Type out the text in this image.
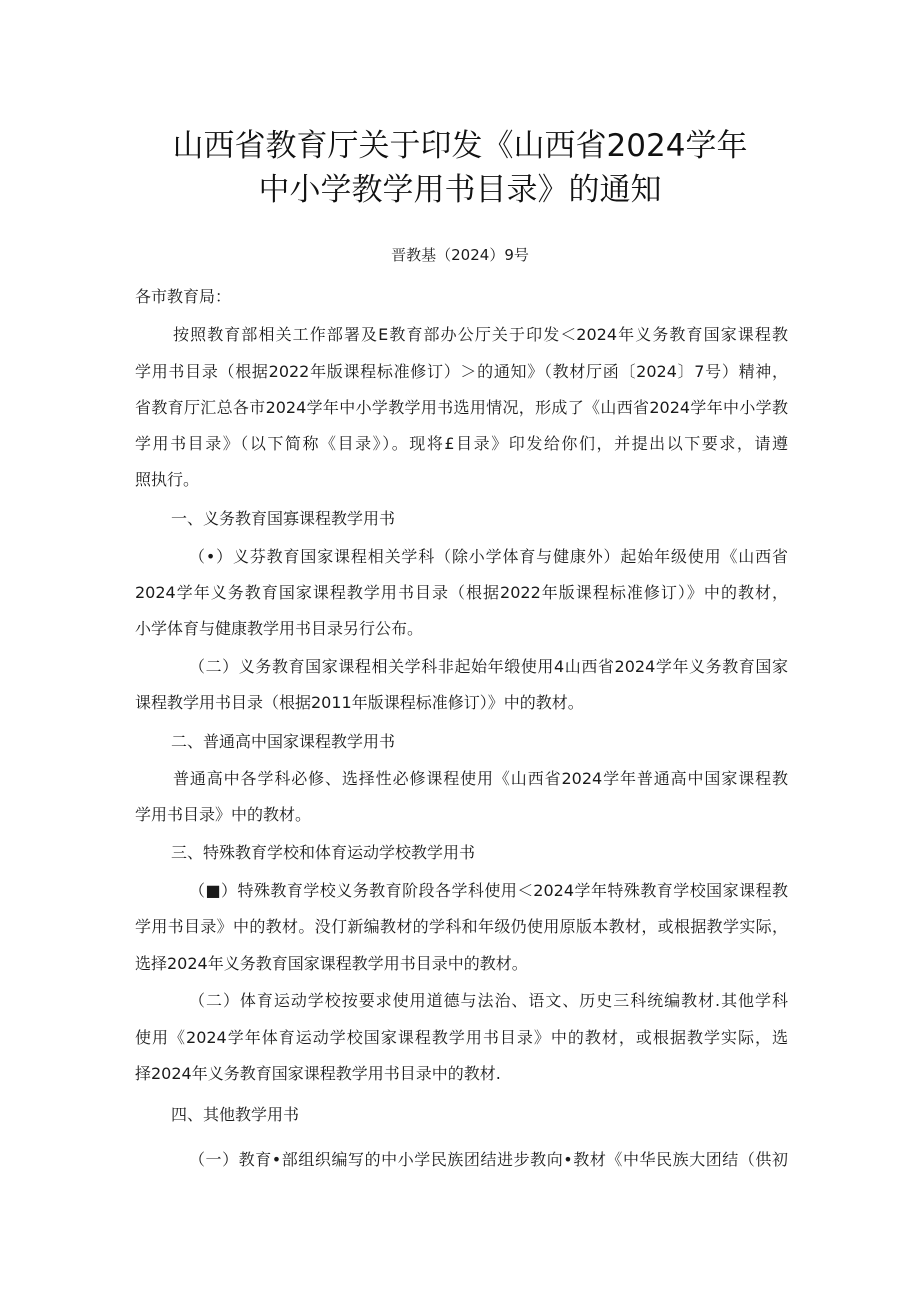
山西省教育厅关于印发《山西省2024学年
中小学教学用书目录》的通知
晋教基（2024）9号

各市教育局：

按照教育部相关工作部署及E教育部办公厅关于印发＜2024年义务教育国家课程教

学用书目录（根据2022年版课程标准修订）＞的通知》（教材厅函〔2024〕7号）精神，

省教育厅汇总各市2024学年中小学教学用书选用情况，形成了《山西省2024学年中小学教

学用书目录》（以下简称《目录》）。现将£目录》印发给你们，并提出以下要求，请遵

照执行。

一、义务教育国寡课程教学用书

（•）义芬教育国家课程相关学科（除小学体育与健康外）起始年级使用《山西省

2024学年义务教育国家课程教学用书目录（根据2022年版课程标准修订）》中的教材，

小学体育与健康教学用书目录另行公布。

（二）义务教育国家课程相关学科非起始年缎使用4山西省2024学年义务教育国家

课程教学用书目录（根据2011年版课程标准修订）》中的教材。

二、普通高中国家课程教学用书

普通高中各学科必修、选择性必修课程使用《山西省2024学年普通高中国家课程教

学用书目录》中的教材。

三、特殊教育学校和体育运动学校教学用书

（■）特殊教育学校义务教育阶段各学科使用＜2024学年特殊教育学校国家课程教

学用书目录》中的教材。没仃新编教材的学科和年级仍使用原版本教材，或根据教学实际，

选择2024年义务教育国家课程教学用书目录中的教材。

（二）体育运动学校按要求使用道德与法治、语文、历史三科统编教材.其他学科

使用《2024学年体育运动学校国家课程教学用书目录》中的教材，或根据教学实际，选

择2024年义务教育国家课程教学用书目录中的教材.

四、其他教学用书

（一）教育•部组织编写的中小学民族团结进步教向•教材《中华民族大团结（供初
